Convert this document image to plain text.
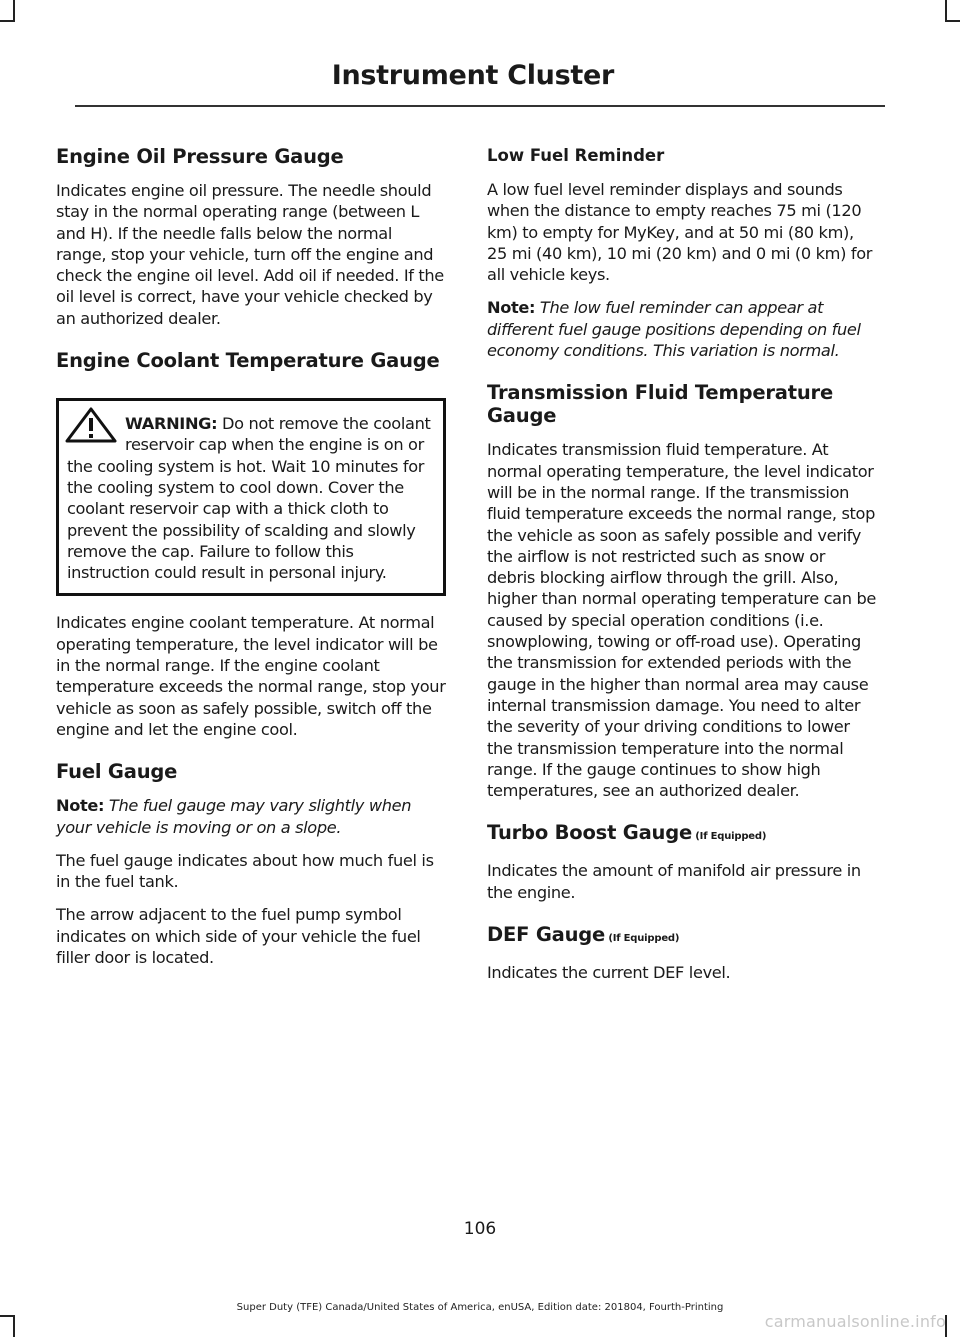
Instrument Cluster
Engine Oil Pressure Gauge

Indicates engine oil pressure. The needle should stay in the normal operating range (between L and H). If the needle falls below the normal range, stop your vehicle, turn off the engine and check the engine oil level. Add oil if needed. If the oil level is correct, have your vehicle checked by an authorized dealer.

Engine Coolant Temperature Gauge

WARNING: Do not remove the coolant reservoir cap when the engine is on or the cooling system is hot. Wait 10 minutes for the cooling system to cool down. Cover the coolant reservoir cap with a thick cloth to prevent the possibility of scalding and slowly remove the cap. Failure to follow this instruction could result in personal injury.

Indicates engine coolant temperature. At normal operating temperature, the level indicator will be in the normal range. If the engine coolant temperature exceeds the normal range, stop your vehicle as soon as safely possible, switch off the engine and let the engine cool.

Fuel Gauge

Note: The fuel gauge may vary slightly when your vehicle is moving or on a slope.

The fuel gauge indicates about how much fuel is in the fuel tank.

The arrow adjacent to the fuel pump symbol indicates on which side of your vehicle the fuel filler door is located.

Low Fuel Reminder

A low fuel level reminder displays and sounds when the distance to empty reaches 75 mi (120 km) to empty for MyKey, and at 50 mi (80 km), 25 mi (40 km), 10 mi (20 km) and 0 mi (0 km) for all vehicle keys.

Note: The low fuel reminder can appear at different fuel gauge positions depending on fuel economy conditions. This variation is normal.

Transmission Fluid Temperature Gauge

Indicates transmission fluid temperature. At normal operating temperature, the level indicator will be in the normal range. If the transmission fluid temperature exceeds the normal range, stop the vehicle as soon as safely possible and verify the airflow is not restricted such as snow or debris blocking airflow through the grill. Also, higher than normal operating temperature can be caused by special operation conditions (i.e. snowplowing, towing or off-road use). Operating the transmission for extended periods with the gauge in the higher than normal area may cause internal transmission damage. You need to alter the severity of your driving conditions to lower the transmission temperature into the normal range. If the gauge continues to show high temperatures, see an authorized dealer.

Turbo Boost Gauge (If Equipped)

Indicates the amount of manifold air pressure in the engine.

DEF Gauge (If Equipped)

Indicates the current DEF level.

106
Super Duty (TFE) Canada/United States of America, enUSA, Edition date: 201804, Fourth-Printing
carmanualsonline.info
